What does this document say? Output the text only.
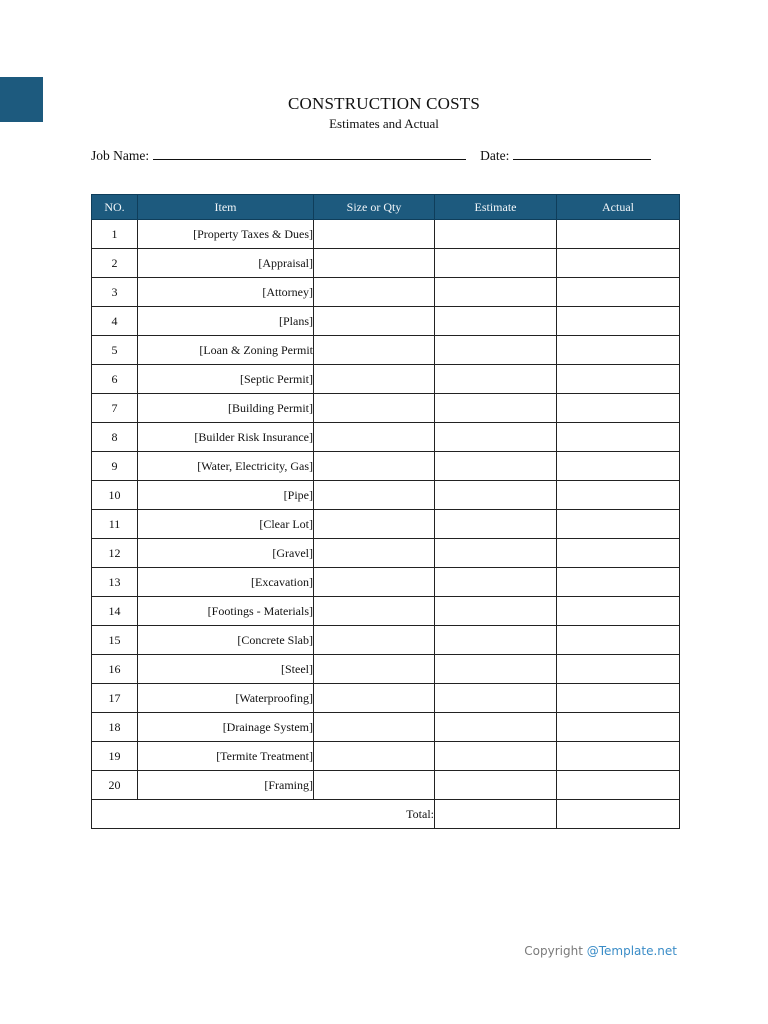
CONSTRUCTION COSTS
Estimates and Actual
Job Name:	Date:
NO.	Item	Size or Qty	Estimate	Actual
1	[Property Taxes & Dues]			
2	[Appraisal]			
3	[Attorney]			
4	[Plans]			
5	[Loan & Zoning Permit			
6	[Septic Permit]			
7	[Building Permit]			
8	[Builder Risk Insurance]			
9	[Water, Electricity, Gas]			
10	[Pipe]			
11	[Clear Lot]			
12	[Gravel]			
13	[Excavation]			
14	[Footings - Materials]			
15	[Concrete Slab]			
16	[Steel]			
17	[Waterproofing]			
18	[Drainage System]			
19	[Termite Treatment]			
20	[Framing]			
Total:				
Copyright @Template.net
